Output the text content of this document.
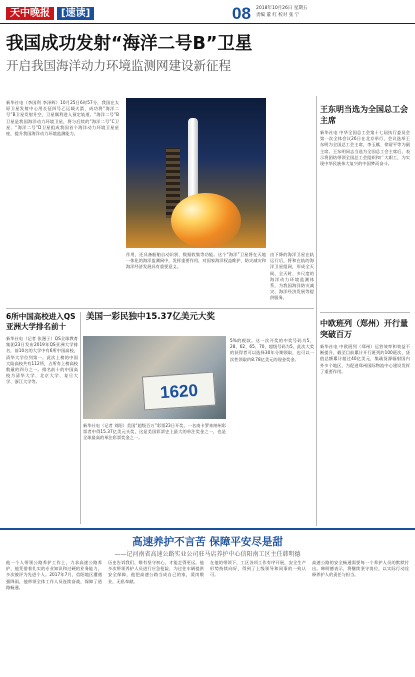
天中晚报	[速读]	08 2018年10月26日 星期五
责编 董 红 校对 张 宁
我国成功发射“海洋二号B”卫星
开启我国海洋动力环境监测网建设新征程
新华社电（李国利 李泽辉）10月25日6时57分，我国在太原卫星发射中心用长征四号乙运载火箭，成功将“海洋二号”B卫星发射升空，卫星顺利进入预定轨道。“海洋二号”B卫星是我国海洋动力环境卫星，将与后续的“海洋二号”C卫星、“海洋二号”D卫星组成我国首个海洋动力环境卫星星座，提升我国海洋动力环境监测能力。
作用，还具备船舶自动识别、数据收集等功能。这个“海洋”卫星将在天地一体化的海洋监测网中，发挥重要作用，对国家海洋权益维护、防灾减灾和海洋经济发展具有重要意义。
由下降的海洋卫星在轨运行后，将和在轨的海洋卫星组网，形成全天候、全天时、多尺度的海洋动力环境监测体系，为我国海洋防灾减灾、海洋经济发展等提供服务。
王东明当选为全国总工会主席
新华社电 中华全国总工会第十七届执行委员会第一次全体会议26日在北京举行，会议选举王东明为全国总工会主席，李玉赋、徐留平等为副主席。王东明同志当选为全国总工会主席后，表示将团结带领全国总工会组织和广大职工，为实现中华民族伟大复兴的中国梦而奋斗。
中欧班列（郑州）开行量突破百万
新华社电 中欧班列（郑州）运营效率和效益不断提升，截至目前累计开行班列约100班次，货值总额累计超过40亿美元，集疏货源辐射国内外多个地区，为促进郑州国际物流中心建设发挥了重要作用。
6所中国高校进入QS亚洲大学排名前十
新华社电（记者 张漫子）QS全球教育集团23日发布2019年QS亚洲大学排名，前10名的大学中有6所中国高校，清华大学位列第一。此次上榜的中国大陆高校共有112所，占所有上榜高校数量的四分之一。排名前十的中国高校为清华大学、北京大学、复旦大学、浙江大学等。
美国一彩民独中15.37亿美元大奖
1620
新华社电（记者 刘阳）美国“超级百万”彩票23日开奖，一名南卡罗来纳州彩票者中得15.37亿美元头奖，这是美国彩票史上最大的单注奖金之一，也是全球最高的单注彩票奖金之一。
5%的税款。这一次开奖的中奖号码为5、28、62、65、70，超级号码为5。此次大奖的获得者可以选择30年分期领取，也可以一次性领取约8.78亿美元的现金奖金。
高速养护不言苦 保障平安尽是甜
——记河南省高速公路实业公司驻马店养护中心信阳南工区主任韩明德
他一个人带领公路养护工作上，力求高速公路养护，他凭借着扎实的专业知识和过硬的业务能力，多次被评为先进个人。2017年7月，信阳地区遭遇强降雨，他带领全体工作人员连续奋战，保障了道路畅通。
历史告诉我们，唯有坚守初心，才能走得更远。他多次带领养护人员进行应急抢险，为过往车辆提供安全保障，他把高速公路当成自己的家，爱岗敬业，无私奉献。
在他的带领下，工区各项工作有序开展，安全生产形势持续向好，得到了上级领导和同事的一致认可。
高速公路的安全畅通需要每一个养护人员的默默付出。韩明德表示，将继续坚守岗位，以实际行动诠释养护人的责任与担当。
